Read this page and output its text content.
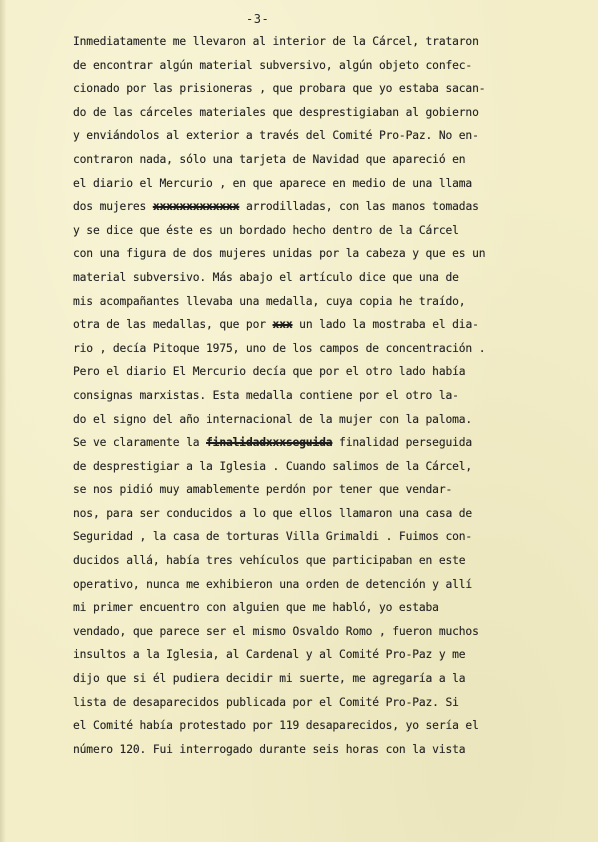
-3-
Inmediatamente me llevaron al interior de la Cárcel, trataron
de encontrar algún material subversivo, algún objeto confec-
cionado por las prisioneras , que probara que yo estaba sacan-
do de las cárceles materiales que desprestigiaban al gobierno
y enviándolos al exterior a través del Comité Pro-Paz. No en-
contraron nada, sólo una tarjeta de Navidad que apareció en
el diario el Mercurio , en que aparece en medio de una llama
dos mujeres xxxxxxxxxxxxx arrodilladas, con las manos tomadas
y se dice que éste es un bordado hecho dentro de la Cárcel
con una figura de dos mujeres unidas por la cabeza y que es un
material subversivo. Más abajo el artículo dice que una de
mis acompañantes llevaba una medalla, cuya copia he traído,
otra de las medallas, que por xxx un lado la mostraba el dia-
rio , decía Pitoque 1975, uno de los campos de concentración .
Pero el diario El Mercurio decía que por el otro lado había
consignas marxistas. Esta medalla contiene por el otro la-
do el signo del año internacional de la mujer con la paloma.
Se ve claramente la finalidadxxxseguida finalidad perseguida
de desprestigiar a la Iglesia . Cuando salimos de la Cárcel,
se nos pidió muy amablemente perdón por tener que vendar-
nos, para ser conducidos a lo que ellos llamaron una casa de
Seguridad , la casa de torturas Villa Grimaldi . Fuimos con-
ducidos allá, había tres vehículos que participaban en este
operativo, nunca me exhibieron una orden de detención y allí
mi primer encuentro con alguien que me habló, yo estaba
vendado, que parece ser el mismo Osvaldo Romo , fueron muchos
insultos a la Iglesia, al Cardenal y al Comité Pro-Paz y me
dijo que si él pudiera decidir mi suerte, me agregaría a la
lista de desaparecidos publicada por el Comité Pro-Paz. Si
el Comité había protestado por 119 desaparecidos, yo sería el
número 120. Fui interrogado durante seis horas con la vista
